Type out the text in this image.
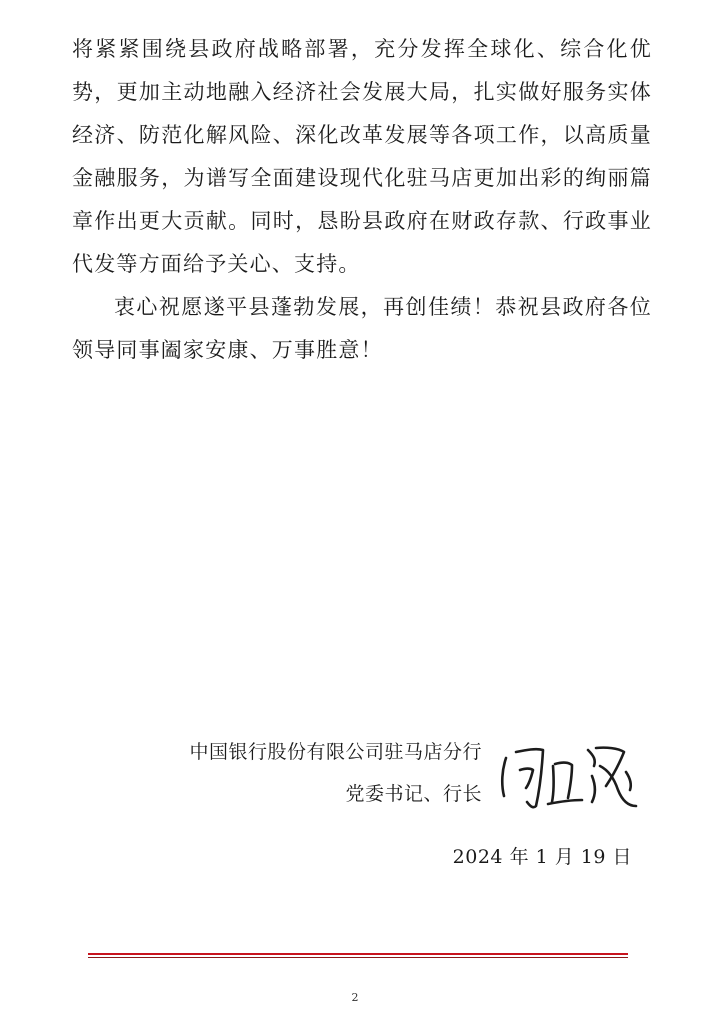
将紧紧围绕县政府战略部署，充分发挥全球化、综合化优势，更加主动地融入经济社会发展大局，扎实做好服务实体经济、防范化解风险、深化改革发展等各项工作，以高质量金融服务，为谱写全面建设现代化驻马店更加出彩的绚丽篇章作出更大贡献。同时，恳盼县政府在财政存款、行政事业代发等方面给予关心、支持。

衷心祝愿遂平县蓬勃发展，再创佳绩！恭祝县政府各位领导同事阖家安康、万事胜意！

中国银行股份有限公司驻马店分行
党委书记、行长
2024 年 1 月 19 日
2
